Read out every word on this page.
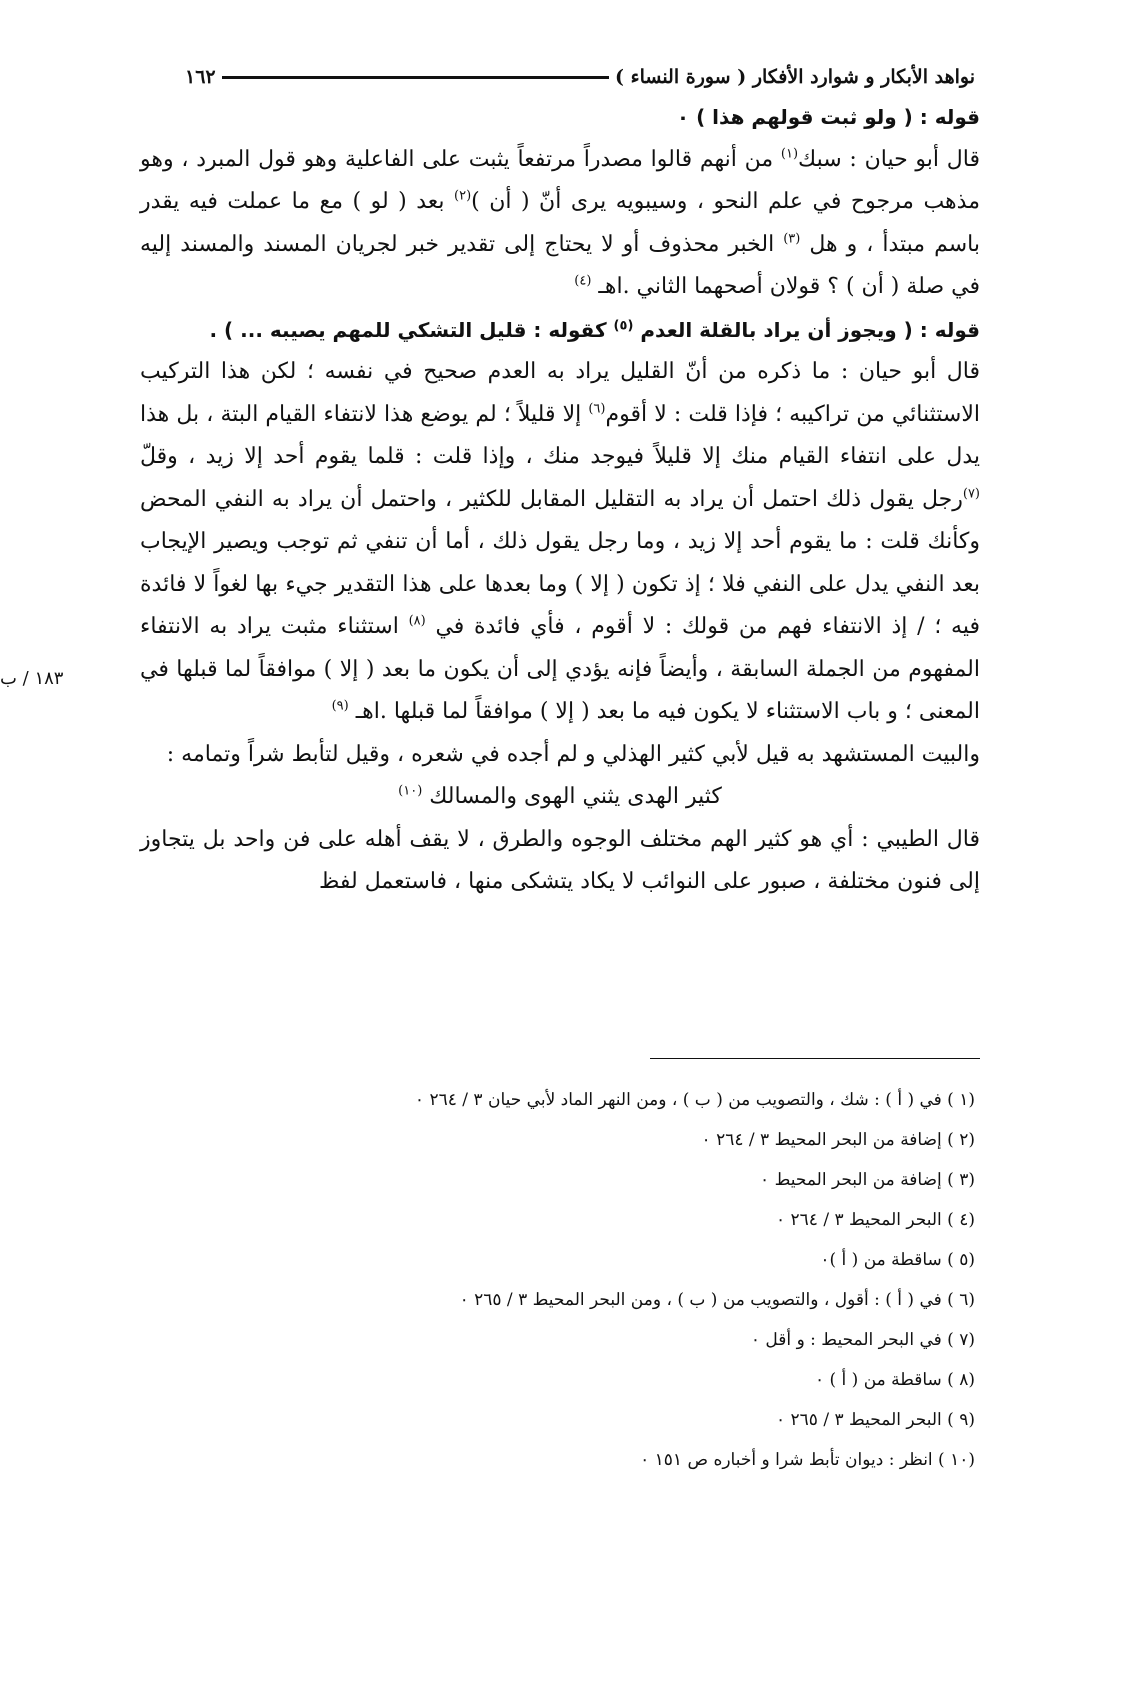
نواهد الأبكار و شوارد الأفكار ( سورة النساء )
١٦٢

قوله : ( ولو ثبت قولهم هذا ) ٠

قال أبو حيان : سبك$^{(١)}$ من أنهم قالوا مصدراً مرتفعاً يثبت على الفاعلية وهو قول المبرد ، وهو مذهب مرجوح في علم النحو ، وسيبويه يرى أنّ ( أن )$^{(٢)}$ بعد ( لو ) مع ما عملت فيه يقدر باسم مبتدأ ، و هل $^{(٣)}$ الخبر محذوف أو لا يحتاج إلى تقدير خبر لجريان المسند والمسند إليه في صلة ( أن ) ؟ قولان أصحهما الثاني .اهـ $^{(٤)}$

قوله : ( ويجوز أن يراد بالقلة العدم $^{(٥)}$ كقوله : قليل التشكي للمهم يصيبه ... ) .

قال أبو حيان : ما ذكره من أنّ القليل يراد به العدم صحيح في نفسه ؛ لكن هذا التركيب الاستثنائي من تراكيبه ؛ فإذا قلت : لا أقوم$^{(٦)}$ إلا قليلاً ؛ لم يوضع هذا لانتفاء القيام البتة ، بل هذا يدل على انتفاء القيام منك إلا قليلاً فيوجد منك ، وإذا قلت : قلما يقوم أحد إلا زيد ، وقلّ $^{(٧)}$رجل يقول ذلك احتمل أن يراد به التقليل المقابل للكثير ، واحتمل أن يراد به النفي المحض وكأنك قلت : ما يقوم أحد إلا زيد ، وما رجل يقول ذلك ، أما أن تنفي ثم توجب ويصير الإيجاب بعد النفي يدل على النفي فلا ؛ إذ تكون ( إلا ) وما بعدها على هذا التقدير جيء بها لغواً لا فائدة فيه ؛ / إذ الانتفاء فهم من قولك : لا أقوم ، فأي فائدة في $^{(٨)}$ استثناء مثبت يراد به الانتفاء المفهوم من الجملة السابقة ، وأيضاً فإنه يؤدي إلى أن يكون ما بعد ( إلا ) موافقاً لما قبلها في المعنى ؛ و باب الاستثناء لا يكون فيه ما بعد ( إلا ) موافقاً لما قبلها .اهـ $^{(٩)}$

والبيت المستشهد به قيل لأبي كثير الهذلي و لم أجده في شعره ، وقيل لتأبط شراً وتمامه :

كثير الهدى يثني الهوى والمسالك $^{(١٠)}$

قال الطيبي : أي هو كثير الهم مختلف الوجوه والطرق ، لا يقف أهله على فن واحد بل يتجاوز إلى فنون مختلفة ، صبور على النوائب لا يكاد يتشكى منها ، فاستعمل لفظ

١٨٣ / ب
(١ ) في ( أ ) : شك ، والتصويب من ( ب ) ، ومن النهر الماد لأبي حيان ٣ / ٢٦٤ ٠
(٢ ) إضافة من البحر المحيط ٣ / ٢٦٤ ٠
(٣ ) إضافة من البحر المحيط ٠
(٤ ) البحر المحيط ٣ / ٢٦٤ ٠
(٥ ) ساقطة من ( أ )٠
(٦ ) في ( أ ) : أقول ، والتصويب من ( ب ) ، ومن البحر المحيط ٣ / ٢٦٥ ٠
(٧ ) في البحر المحيط : و أقل ٠
(٨ ) ساقطة من ( أ ) ٠
(٩ ) البحر المحيط ٣ / ٢٦٥ ٠
(١٠ ) انظر : ديوان تأبط شرا و أخباره ص ١٥١ ٠
